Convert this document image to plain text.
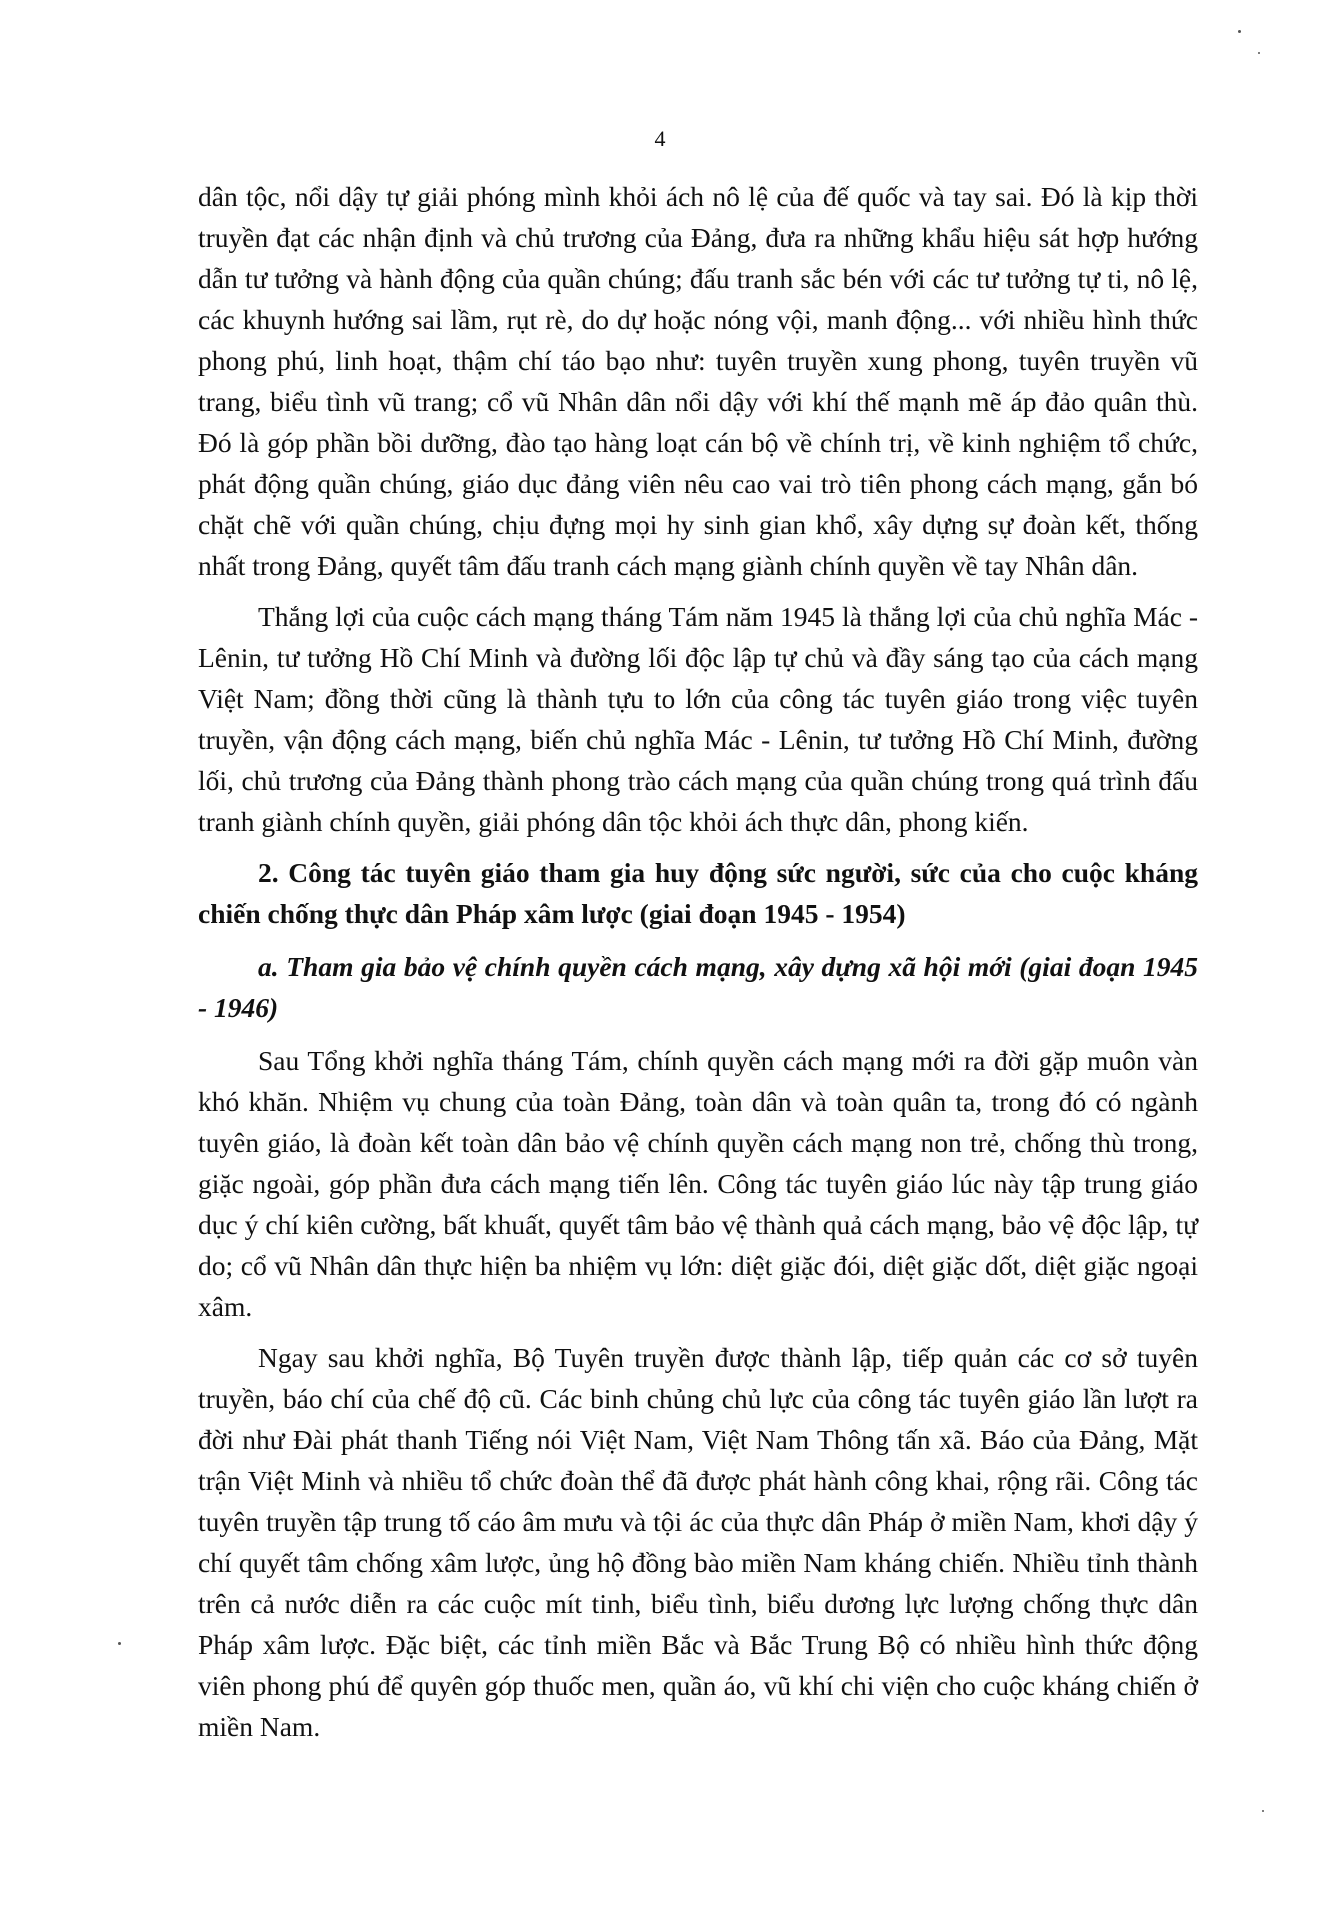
4

dân tộc, nổi dậy tự giải phóng mình khỏi ách nô lệ của đế quốc và tay sai. Đó là kịp thời truyền đạt các nhận định và chủ trương của Đảng, đưa ra những khẩu hiệu sát hợp hướng dẫn tư tưởng và hành động của quần chúng; đấu tranh sắc bén với các tư tưởng tự ti, nô lệ, các khuynh hướng sai lầm, rụt rè, do dự hoặc nóng vội, manh động... với nhiều hình thức phong phú, linh hoạt, thậm chí táo bạo như: tuyên truyền xung phong, tuyên truyền vũ trang, biểu tình vũ trang; cổ vũ Nhân dân nổi dậy với khí thế mạnh mẽ áp đảo quân thù. Đó là góp phần bồi dưỡng, đào tạo hàng loạt cán bộ về chính trị, về kinh nghiệm tổ chức, phát động quần chúng, giáo dục đảng viên nêu cao vai trò tiên phong cách mạng, gắn bó chặt chẽ với quần chúng, chịu đựng mọi hy sinh gian khổ, xây dựng sự đoàn kết, thống nhất trong Đảng, quyết tâm đấu tranh cách mạng giành chính quyền về tay Nhân dân.

Thắng lợi của cuộc cách mạng tháng Tám năm 1945 là thắng lợi của chủ nghĩa Mác - Lênin, tư tưởng Hồ Chí Minh và đường lối độc lập tự chủ và đầy sáng tạo của cách mạng Việt Nam; đồng thời cũng là thành tựu to lớn của công tác tuyên giáo trong việc tuyên truyền, vận động cách mạng, biến chủ nghĩa Mác - Lênin, tư tưởng Hồ Chí Minh, đường lối, chủ trương của Đảng thành phong trào cách mạng của quần chúng trong quá trình đấu tranh giành chính quyền, giải phóng dân tộc khỏi ách thực dân, phong kiến.

2. Công tác tuyên giáo tham gia huy động sức người, sức của cho cuộc kháng chiến chống thực dân Pháp xâm lược (giai đoạn 1945 - 1954)

a. Tham gia bảo vệ chính quyền cách mạng, xây dựng xã hội mới (giai đoạn 1945 - 1946)

Sau Tổng khởi nghĩa tháng Tám, chính quyền cách mạng mới ra đời gặp muôn vàn khó khăn. Nhiệm vụ chung của toàn Đảng, toàn dân và toàn quân ta, trong đó có ngành tuyên giáo, là đoàn kết toàn dân bảo vệ chính quyền cách mạng non trẻ, chống thù trong, giặc ngoài, góp phần đưa cách mạng tiến lên. Công tác tuyên giáo lúc này tập trung giáo dục ý chí kiên cường, bất khuất, quyết tâm bảo vệ thành quả cách mạng, bảo vệ độc lập, tự do; cổ vũ Nhân dân thực hiện ba nhiệm vụ lớn: diệt giặc đói, diệt giặc dốt, diệt giặc ngoại xâm.

Ngay sau khởi nghĩa, Bộ Tuyên truyền được thành lập, tiếp quản các cơ sở tuyên truyền, báo chí của chế độ cũ. Các binh chủng chủ lực của công tác tuyên giáo lần lượt ra đời như Đài phát thanh Tiếng nói Việt Nam, Việt Nam Thông tấn xã. Báo của Đảng, Mặt trận Việt Minh và nhiều tổ chức đoàn thể đã được phát hành công khai, rộng rãi. Công tác tuyên truyền tập trung tố cáo âm mưu và tội ác của thực dân Pháp ở miền Nam, khơi dậy ý chí quyết tâm chống xâm lược, ủng hộ đồng bào miền Nam kháng chiến. Nhiều tỉnh thành trên cả nước diễn ra các cuộc mít tinh, biểu tình, biểu dương lực lượng chống thực dân Pháp xâm lược. Đặc biệt, các tỉnh miền Bắc và Bắc Trung Bộ có nhiều hình thức động viên phong phú để quyên góp thuốc men, quần áo, vũ khí chi viện cho cuộc kháng chiến ở miền Nam.
